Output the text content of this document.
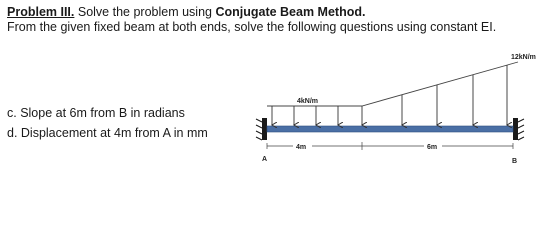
Problem III. Solve the problem using Conjugate Beam Method.
From the given fixed beam at both ends, solve the following questions using constant EI.
c. Slope at 6m from B in radians
d. Displacement at 4m from A in mm
4kN/m
12kN/m
4m	6m
A	B
